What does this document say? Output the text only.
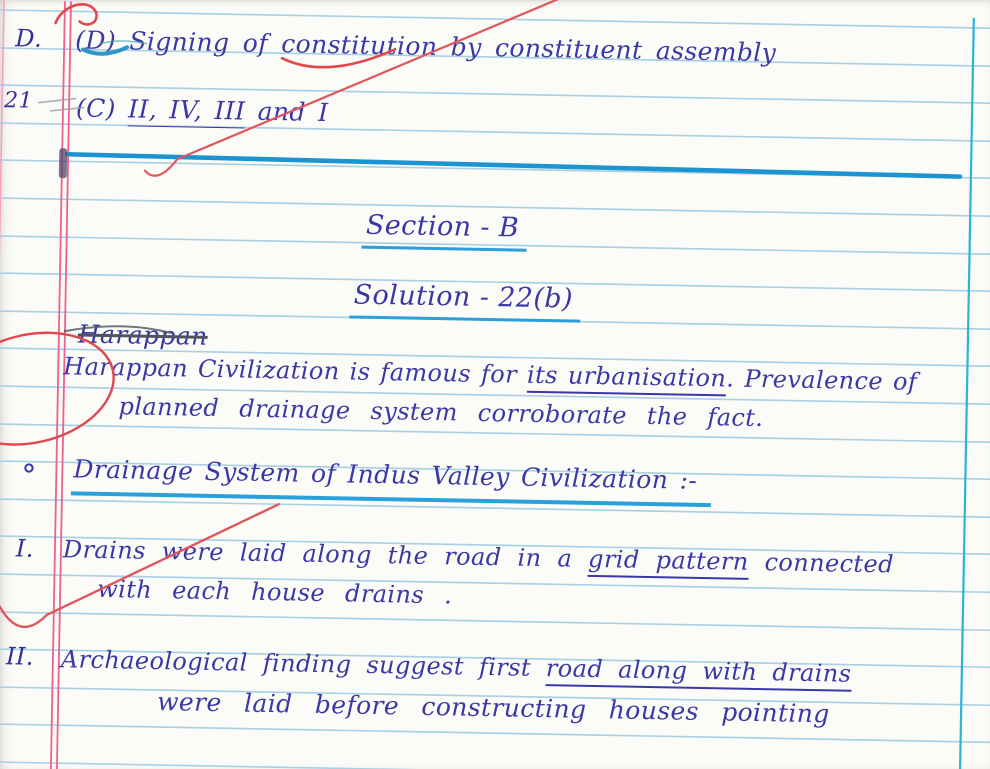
D. (D) Signing of constitution by constituent assembly
21 (C) II, IV, III and I
Section - B
Solution - 22(b)
Harappan
Harappan Civilization is famous for its urbanisation. Prevalence of
planned drainage system corroborate the fact.
° Drainage System of Indus Valley Civilization :-
I. Drains were laid along the road in a grid pattern connected
with each house drains .
II. Archaeological finding suggest first road along with drains
were laid before constructing houses pointing
